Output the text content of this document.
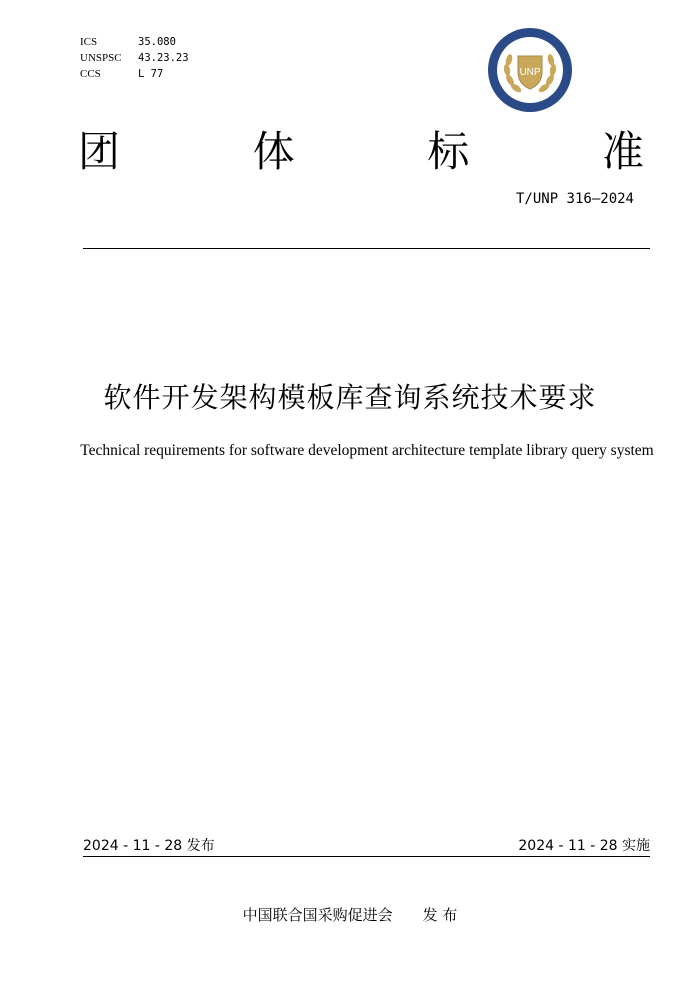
ICS	35.080
UNSPSC	43.23.23
CCS	L 77	UNP
团	体	标	准
T/UNP 316—2024
软件开发架构模板库查询系统技术要求
Technical requirements for software development architecture template library query system
2024 - 11 - 28 发布	2024 - 11 - 28 实施
中国联合国采购促进会 发 布
